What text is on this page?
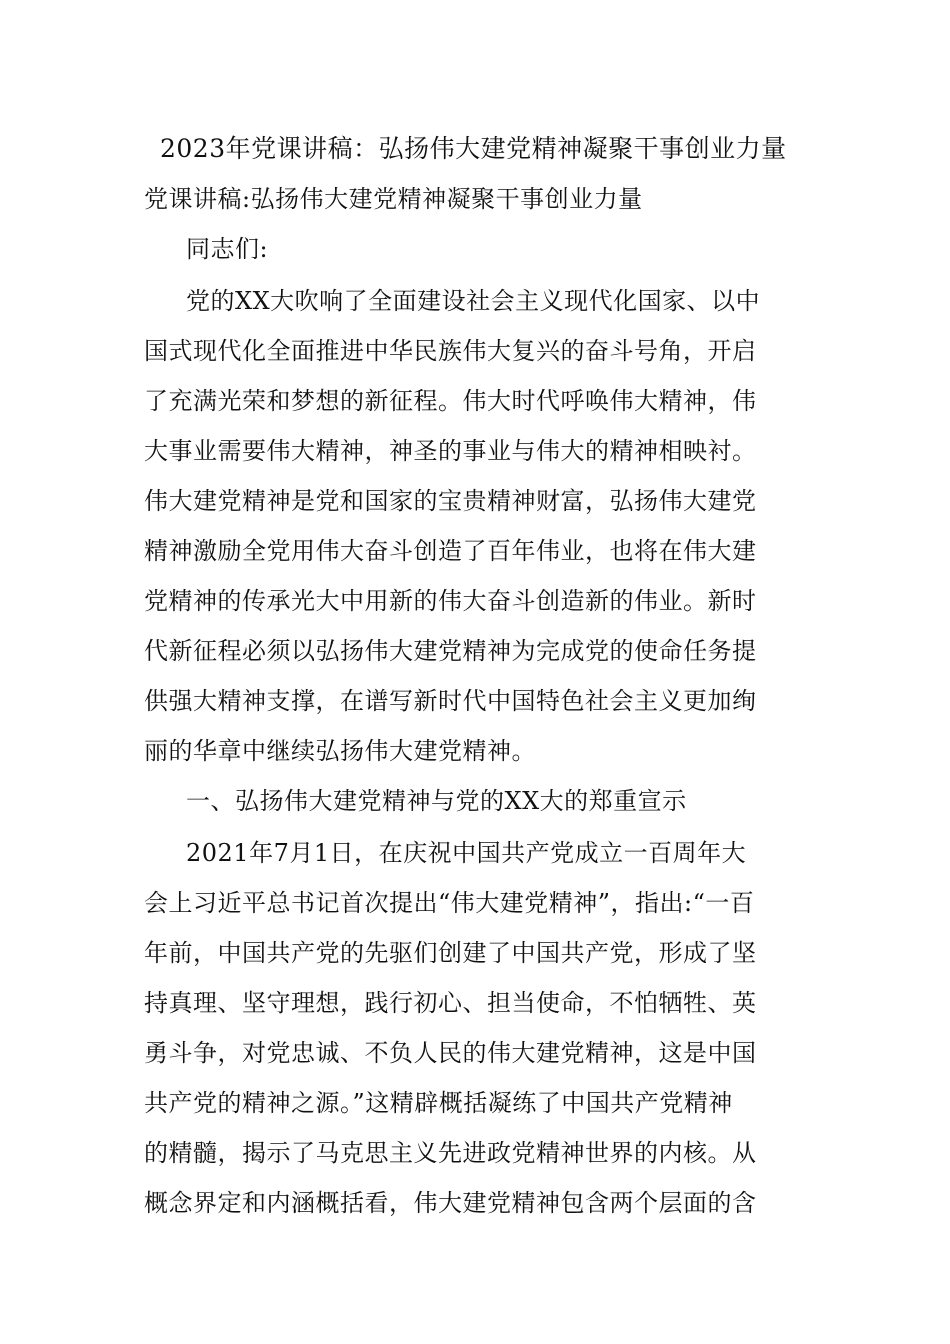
2023年党课讲稿：弘扬伟大建党精神凝聚干事创业力量
党课讲稿:弘扬伟大建党精神凝聚干事创业力量
同志们:
党的XX大吹响了全面建设社会主义现代化国家、以中
国式现代化全面推进中华民族伟大复兴的奋斗号角，开启
了充满光荣和梦想的新征程。伟大时代呼唤伟大精神，伟
大事业需要伟大精神，神圣的事业与伟大的精神相映衬。
伟大建党精神是党和国家的宝贵精神财富，弘扬伟大建党
精神激励全党用伟大奋斗创造了百年伟业，也将在伟大建
党精神的传承光大中用新的伟大奋斗创造新的伟业。新时
代新征程必须以弘扬伟大建党精神为完成党的使命任务提
供强大精神支撑，在谱写新时代中国特色社会主义更加绚
丽的华章中继续弘扬伟大建党精神。
一、弘扬伟大建党精神与党的XX大的郑重宣示
2021年7月1日，在庆祝中国共产党成立一百周年大
会上习近平总书记首次提出“伟大建党精神”，指出:“一百
年前，中国共产党的先驱们创建了中国共产党，形成了坚
持真理、坚守理想，践行初心、担当使命，不怕牺牲、英
勇斗争，对党忠诚、不负人民的伟大建党精神，这是中国
共产党的精神之源。”这精辟概括凝练了中国共产党精神
的精髓，揭示了马克思主义先进政党精神世界的内核。从
概念界定和内涵概括看，伟大建党精神包含两个层面的含
